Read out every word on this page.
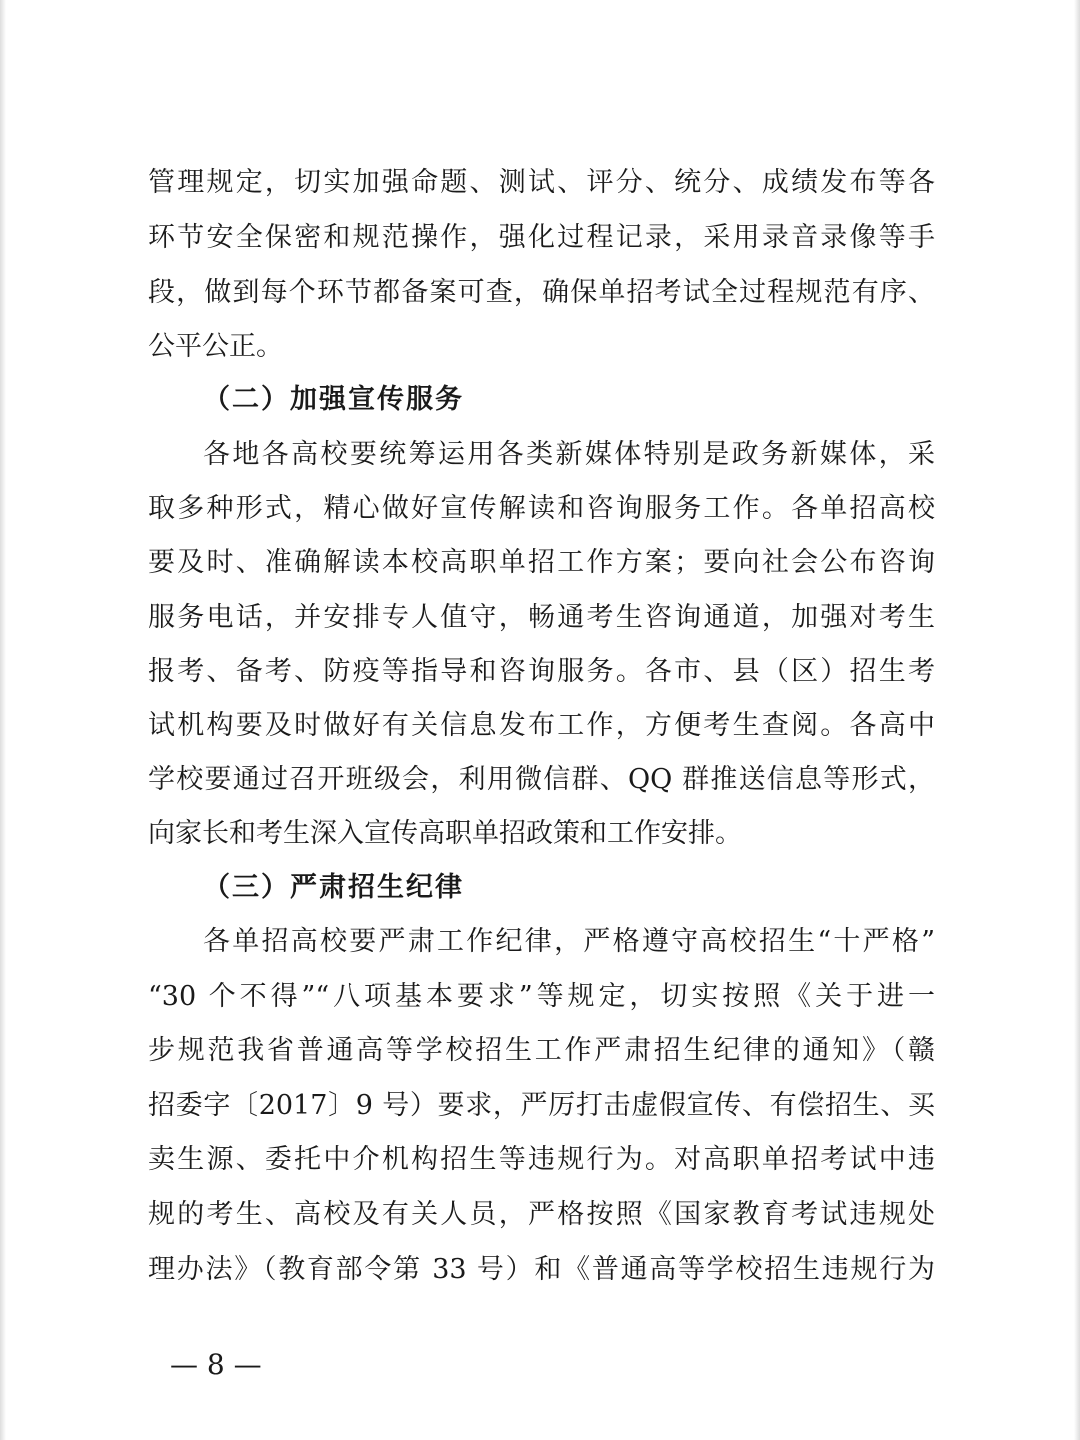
管理规定，切实加强命题、测试、评分、统分、成绩发布等各
环节安全保密和规范操作，强化过程记录，采用录音录像等手
段，做到每个环节都备案可查，确保单招考试全过程规范有序、
公平公正。
（二）加强宣传服务
各地各高校要统筹运用各类新媒体特别是政务新媒体，采
取多种形式，精心做好宣传解读和咨询服务工作。各单招高校
要及时、准确解读本校高职单招工作方案；要向社会公布咨询
服务电话，并安排专人值守，畅通考生咨询通道，加强对考生
报考、备考、防疫等指导和咨询服务。各市、县（区）招生考
试机构要及时做好有关信息发布工作，方便考生查阅。各高中
学校要通过召开班级会，利用微信群、QQ 群推送信息等形式，
向家长和考生深入宣传高职单招政策和工作安排。
（三）严肃招生纪律
各单招高校要严肃工作纪律，严格遵守高校招生“十严格”
“30 个不得”“八项基本要求”等规定，切实按照《关于进一
步规范我省普通高等学校招生工作严肃招生纪律的通知》（赣
招委字〔2017〕9 号）要求，严厉打击虚假宣传、有偿招生、买
卖生源、委托中介机构招生等违规行为。对高职单招考试中违
规的考生、高校及有关人员，严格按照《国家教育考试违规处
理办法》（教育部令第 33 号）和《普通高等学校招生违规行为
— 8 —
